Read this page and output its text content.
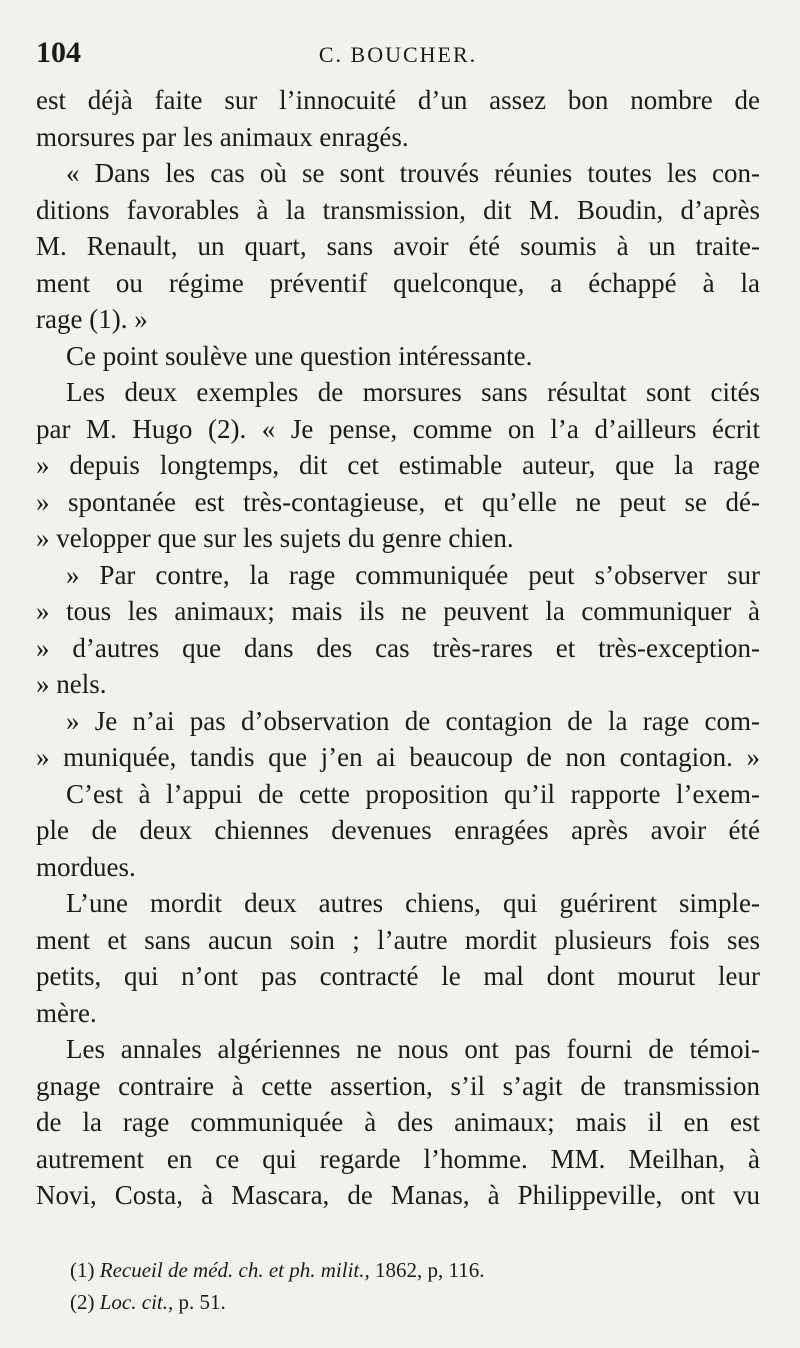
104	C. BOUCHER.
est déjà faite sur l’innocuité d’un assez bon nombre de
morsures par les animaux enragés.
« Dans les cas où se sont trouvés réunies toutes les con-
ditions favorables à la transmission, dit M. Boudin, d’après
M. Renault, un quart, sans avoir été soumis à un traite-
ment ou régime préventif quelconque, a échappé à la
rage (1). »
Ce point soulève une question intéressante.
Les deux exemples de morsures sans résultat sont cités
par M. Hugo (2). « Je pense, comme on l’a d’ailleurs écrit
» depuis longtemps, dit cet estimable auteur, que la rage
» spontanée est très-contagieuse, et qu’elle ne peut se dé-
» velopper que sur les sujets du genre chien.
» Par contre, la rage communiquée peut s’observer sur
» tous les animaux; mais ils ne peuvent la communiquer à
» d’autres que dans des cas très-rares et très-exception-
» nels.
» Je n’ai pas d’observation de contagion de la rage com-
» muniquée, tandis que j’en ai beaucoup de non contagion. »
C’est à l’appui de cette proposition qu’il rapporte l’exem-
ple de deux chiennes devenues enragées après avoir été
mordues.
L’une mordit deux autres chiens, qui guérirent simple-
ment et sans aucun soin ; l’autre mordit plusieurs fois ses
petits, qui n’ont pas contracté le mal dont mourut leur
mère.
Les annales algériennes ne nous ont pas fourni de témoi-
gnage contraire à cette assertion, s’il s’agit de transmission
de la rage communiquée à des animaux; mais il en est
autrement en ce qui regarde l’homme. MM. Meilhan, à
Novi, Costa, à Mascara, de Manas, à Philippeville, ont vu
(1) Recueil de méd. ch. et ph. milit., 1862, p, 116.
(2) Loc. cit., p. 51.
